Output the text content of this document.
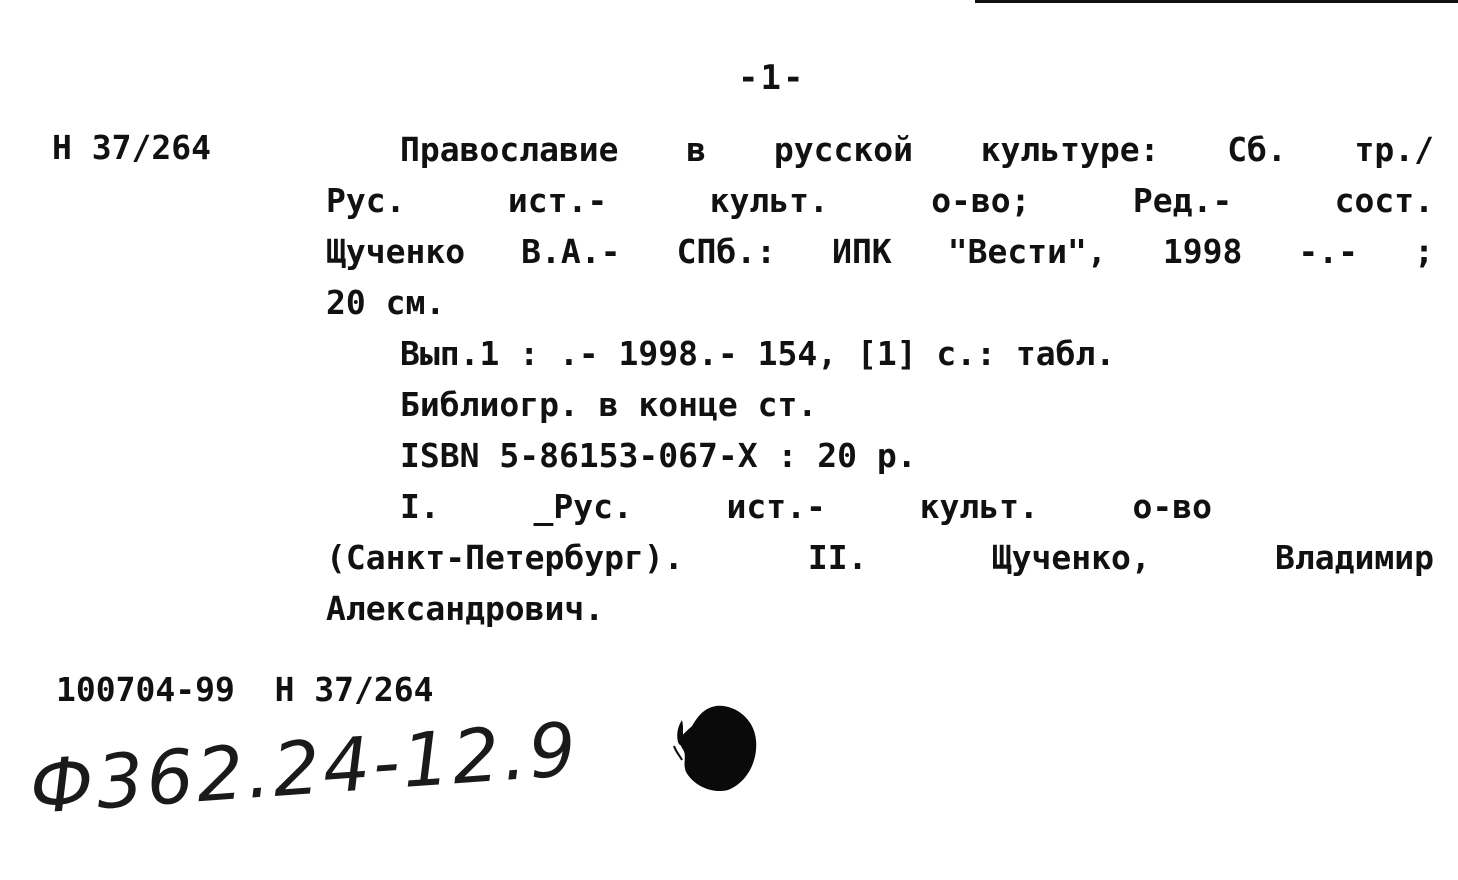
-1-
Н 37/264	Православие в русской культуре: Сб. тр./

Рус. ист.- культ. о-во; Ред.- сост.

Щученко В.А.- СПб.: ИПК "Вести", 1998 -.- ;

20 см.

Вып.1 : .- 1998.- 154, [1] с.: табл.

Библиогр. в конце ст.

ISBN 5-86153-067-X : 20 р.

I. _Рус. ист.- культ. о-во

(Санкт-Петербург). II. Щученко, Владимир

Александрович.

100704-99 Н 37/264
Ф362.24-12.9
